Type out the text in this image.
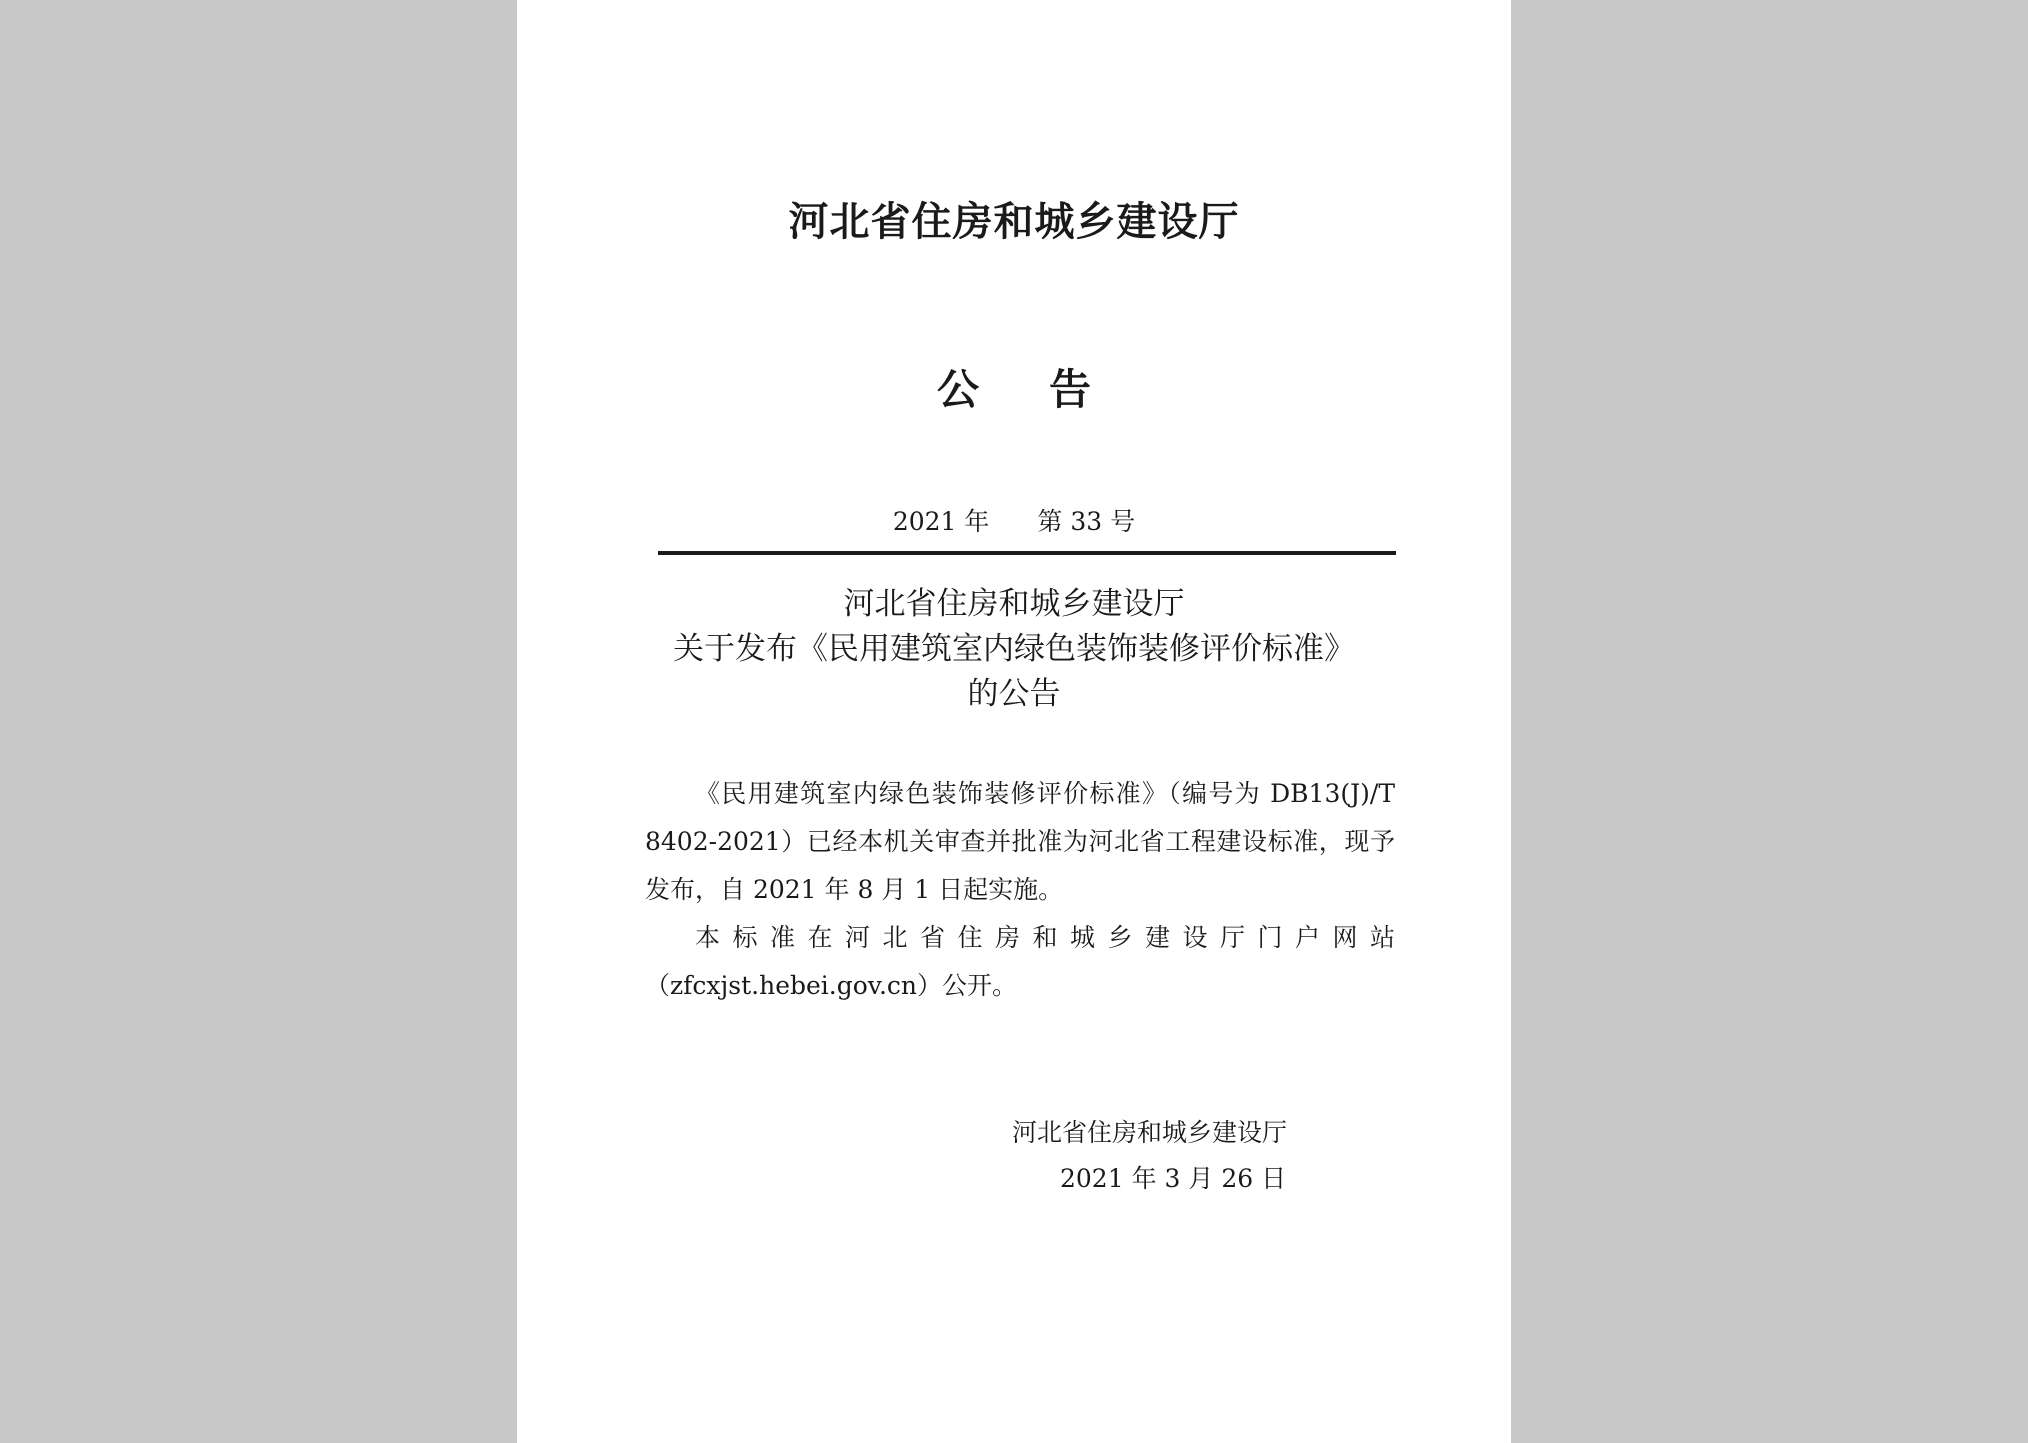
河北省住房和城乡建设厅
公告
2021 年 第 33 号
河北省住房和城乡建设厅
关于发布《民用建筑室内绿色装饰装修评价标准》
的公告
《民用建筑室内绿色装饰装修评价标准》（编号为 DB13(J)/T 8402-2021）已经本机关审查并批准为河北省工程建设标准，现予发布，自 2021 年 8 月 1 日起实施。
本标准在河北省住房和城乡建设厅门户网站（zfcxjst.hebei.gov.cn）公开。
河北省住房和城乡建设厅
2021 年 3 月 26 日
